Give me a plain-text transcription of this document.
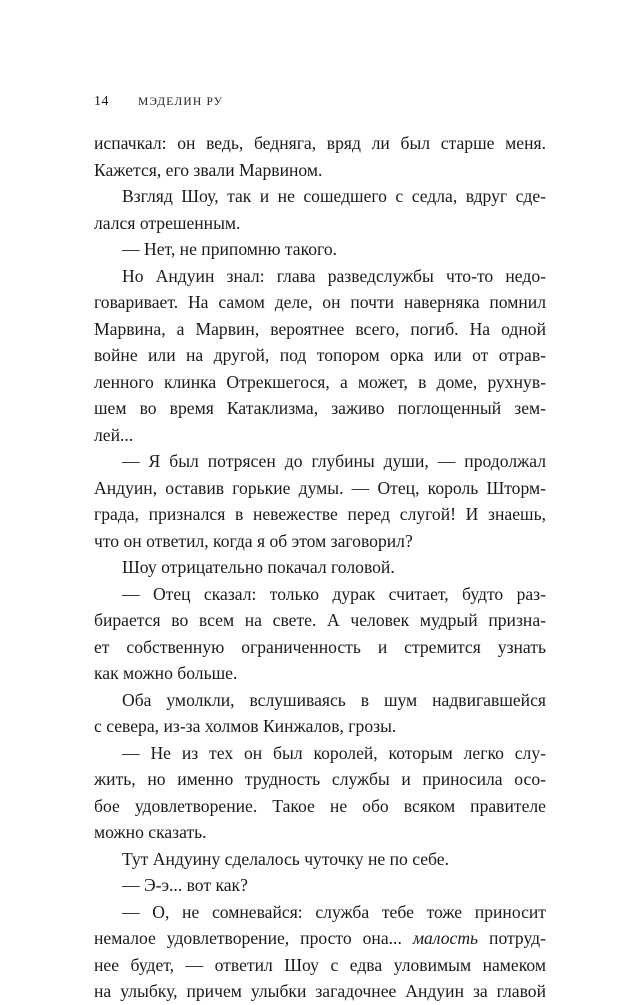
14	МЭДЕЛИН РУ
испачкал: он ведь, бедняга, вряд ли был старше меня.
Кажется, его звали Марвином.
Взгляд Шоу, так и не сошедшего с седла, вдруг сде-
лался отрешенным.
— Нет, не припомню такого.
Но Андуин знал: глава разведслужбы что-то недо-
говаривает. На самом деле, он почти наверняка помнил
Марвина, а Марвин, вероятнее всего, погиб. На одной
войне или на другой, под топором орка или от отрав-
ленного клинка Отрекшегося, а может, в доме, рухнув-
шем во время Катаклизма, заживо поглощенный зем-
лей...
— Я был потрясен до глубины души, — продолжал
Андуин, оставив горькие думы. — Отец, король Шторм-
града, признался в невежестве перед слугой! И знаешь,
что он ответил, когда я об этом заговорил?
Шоу отрицательно покачал головой.
— Отец сказал: только дурак считает, будто раз-
бирается во всем на свете. А человек мудрый призна-
ет собственную ограниченность и стремится узнать
как можно больше.
Оба умолкли, вслушиваясь в шум надвигавшейся
с севера, из-за холмов Кинжалов, грозы.
— Не из тех он был королей, которым легко слу-
жить, но именно трудность службы и приносила осо-
бое удовлетворение. Такое не обо всяком правителе
можно сказать.
Тут Андуину сделалось чуточку не по себе.
— Э-э... вот как?
— О, не сомневайся: служба тебе тоже приносит
немалое удовлетворение, просто она... малость потруд-
нее будет, — ответил Шоу с едва уловимым намеком
на улыбку, причем улыбки загадочнее Андуин за главой
